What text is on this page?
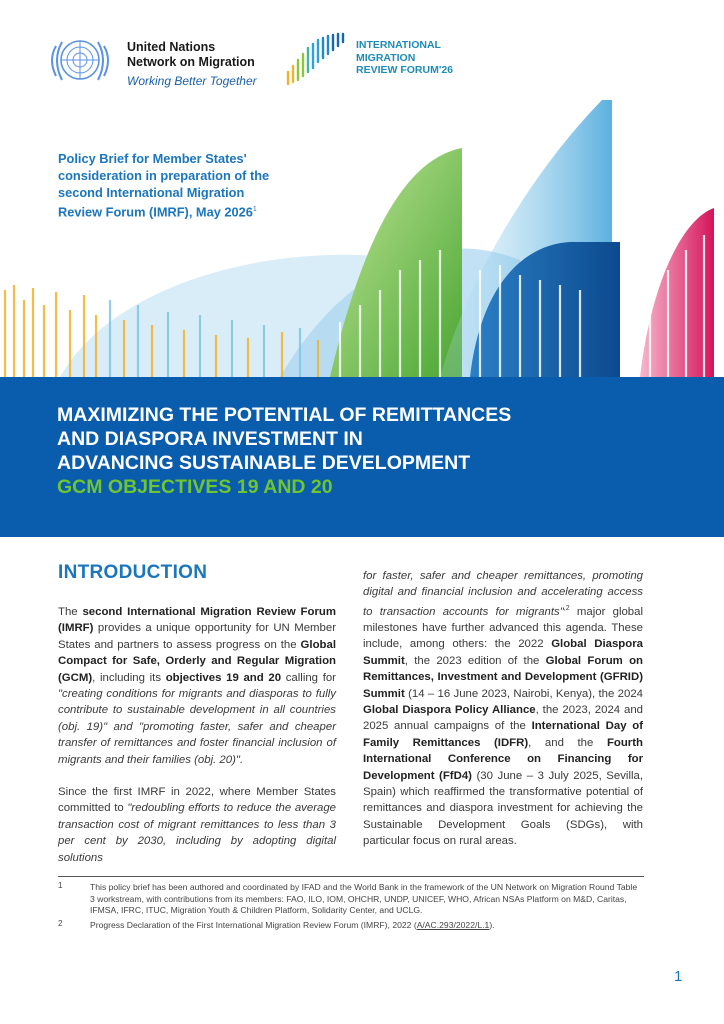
United Nations
Network on Migration
Working Better Together
INTERNATIONAL
MIGRATION
REVIEW FORUM'26
Policy Brief for Member States' consideration in preparation of the second International Migration Review Forum (IMRF), May 2026$^1$
MAXIMIZING THE POTENTIAL OF REMITTANCES
AND DIASPORA INVESTMENT IN
ADVANCING SUSTAINABLE DEVELOPMENT
GCM OBJECTIVES 19 AND 20
INTRODUCTION

The second International Migration Review Forum (IMRF) provides a unique opportunity for UN Member States and partners to assess progress on the Global Compact for Safe, Orderly and Regular Migration (GCM), including its objectives 19 and 20 calling for "creating conditions for migrants and diasporas to fully contribute to sustainable development in all countries (obj. 19)" and "promoting faster, safer and cheaper transfer of remittances and foster financial inclusion of migrants and their families (obj. 20)".

Since the first IMRF in 2022, where Member States committed to "redoubling efforts to reduce the average transaction cost of migrant remittances to less than 3 per cent by 2030, including by adopting digital solutions

for faster, safer and cheaper remittances, promoting digital and financial inclusion and accelerating access to transaction accounts for migrants"$^{,2}$ major global milestones have further advanced this agenda. These include, among others: the 2022 Global Diaspora Summit, the 2023 edition of the Global Forum on Remittances, Investment and Development (GFRID) Summit (14 – 16 June 2023, Nairobi, Kenya), the 2024 Global Diaspora Policy Alliance, the 2023, 2024 and 2025 annual campaigns of the International Day of Family Remittances (IDFR), and the Fourth International Conference on Financing for Development (FfD4) (30 June – 3 July 2025, Sevilla, Spain) which reaffirmed the transformative potential of remittances and diaspora investment for achieving the Sustainable Development Goals (SDGs), with particular focus on rural areas.

1	This policy brief has been authored and coordinated by IFAD and the World Bank in the framework of the UN Network on Migration Round Table 3 workstream, with contributions from its members: FAO, ILO, IOM, OHCHR, UNDP, UNICEF, WHO, African NSAs Platform on M&D, Caritas, IFMSA, IFRC, ITUC, Migration Youth & Children Platform, Solidarity Center, and UCLG.
2	Progress Declaration of the First International Migration Review Forum (IMRF), 2022 (A/AC.293/2022/L.1).
1
